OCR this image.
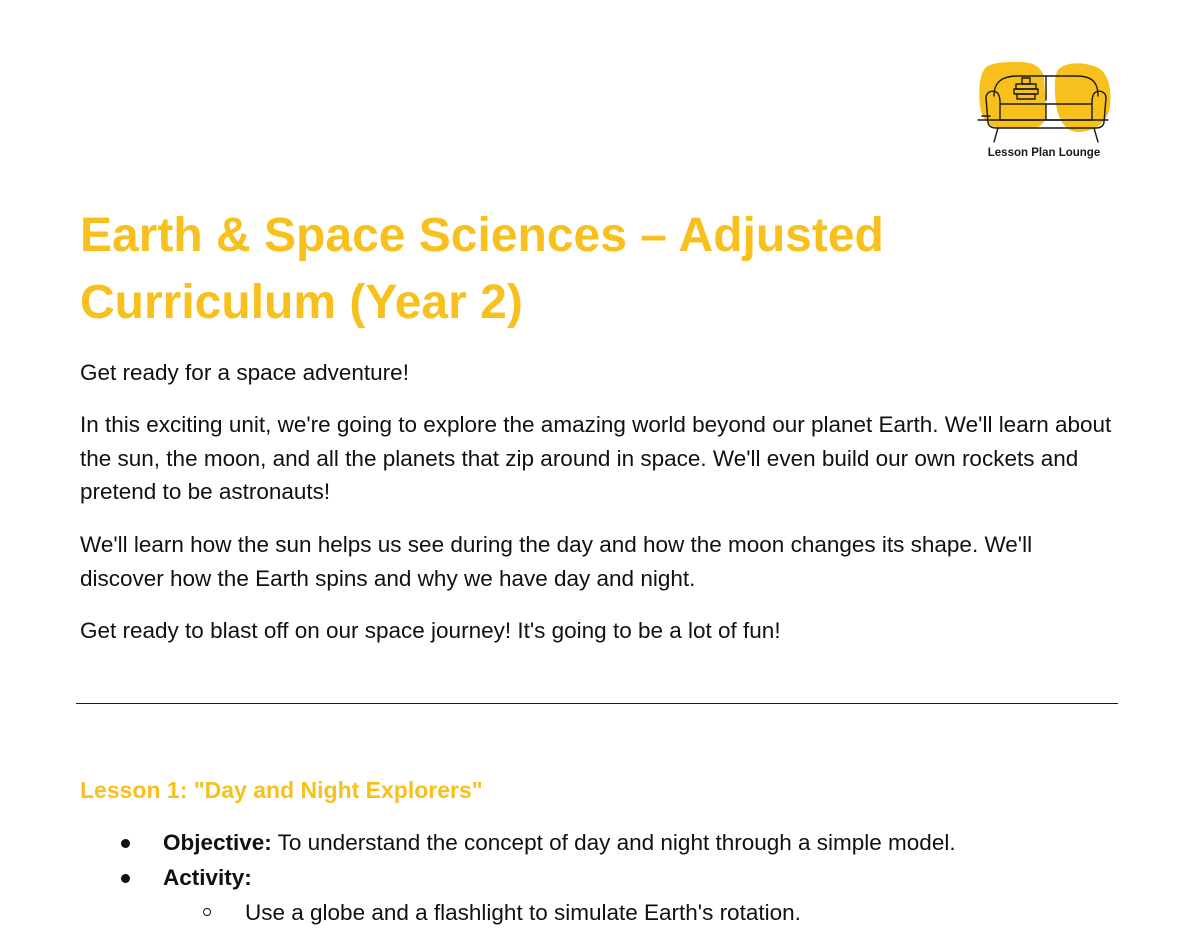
Lesson Plan Lounge
Earth & Space Sciences – Adjusted Curriculum (Year 2)

Get ready for a space adventure!

In this exciting unit, we're going to explore the amazing world beyond our planet Earth. We'll learn about the sun, the moon, and all the planets that zip around in space. We'll even build our own rockets and pretend to be astronauts!

We'll learn how the sun helps us see during the day and how the moon changes its shape. We'll discover how the Earth spins and why we have day and night.

Get ready to blast off on our space journey! It's going to be a lot of fun!

Lesson 1: "Day and Night Explorers"
Objective: To understand the concept of day and night through a simple model.
Activity:
Use a globe and a flashlight to simulate Earth's rotation.
